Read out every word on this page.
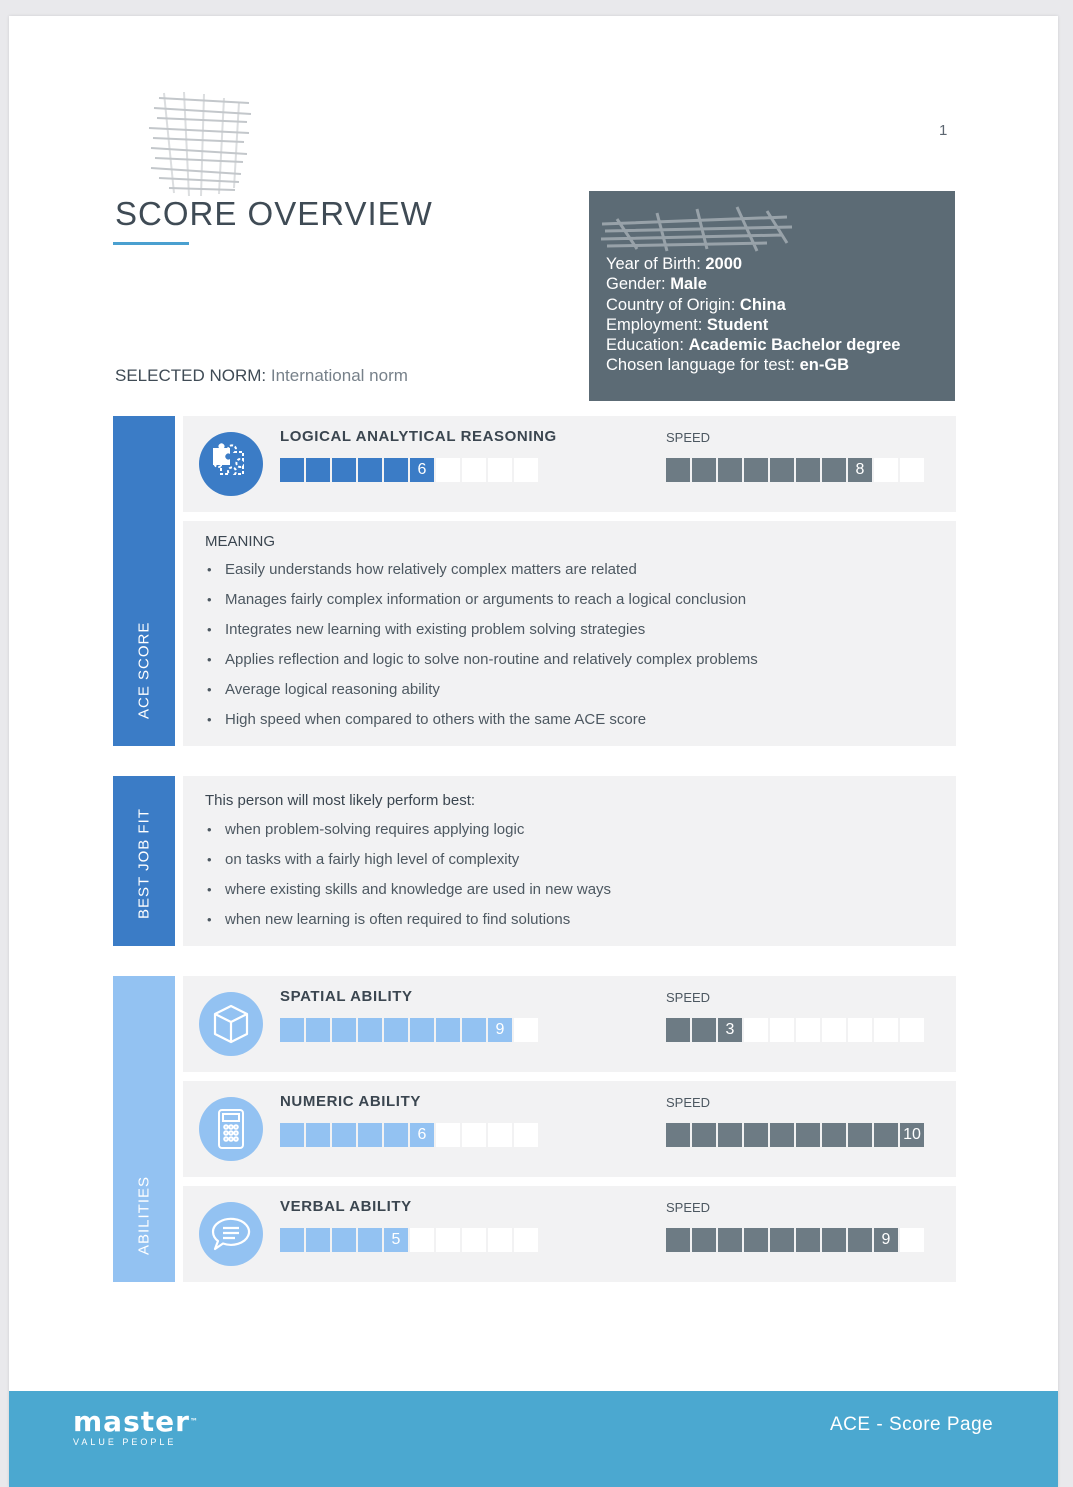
1
SCORE OVERVIEW
SELECTED NORM: International norm
Year of Birth: 2000
Gender: Male
Country of Origin: China
Employment: Student
Education: Academic Bachelor degree
Chosen language for test: en-GB
ACE SCORE
LOGICAL ANALYTICAL REASONING
6
SPEED
8
MEANING
• Easily understands how relatively complex matters are related
• Manages fairly complex information or arguments to reach a logical conclusion
• Integrates new learning with existing problem solving strategies
• Applies reflection and logic to solve non-routine and relatively complex problems
• Average logical reasoning ability
• High speed when compared to others with the same ACE score
BEST JOB FIT
This person will most likely perform best:
• when problem-solving requires applying logic
• on tasks with a fairly high level of complexity
• where existing skills and knowledge are used in new ways
• when new learning is often required to find solutions
ABILITIES
SPATIAL ABILITY
9
SPEED
3
NUMERIC ABILITY
6
SPEED
10
VERBAL ABILITY
5
SPEED
9
master™
VALUE PEOPLE
ACE - Score Page
